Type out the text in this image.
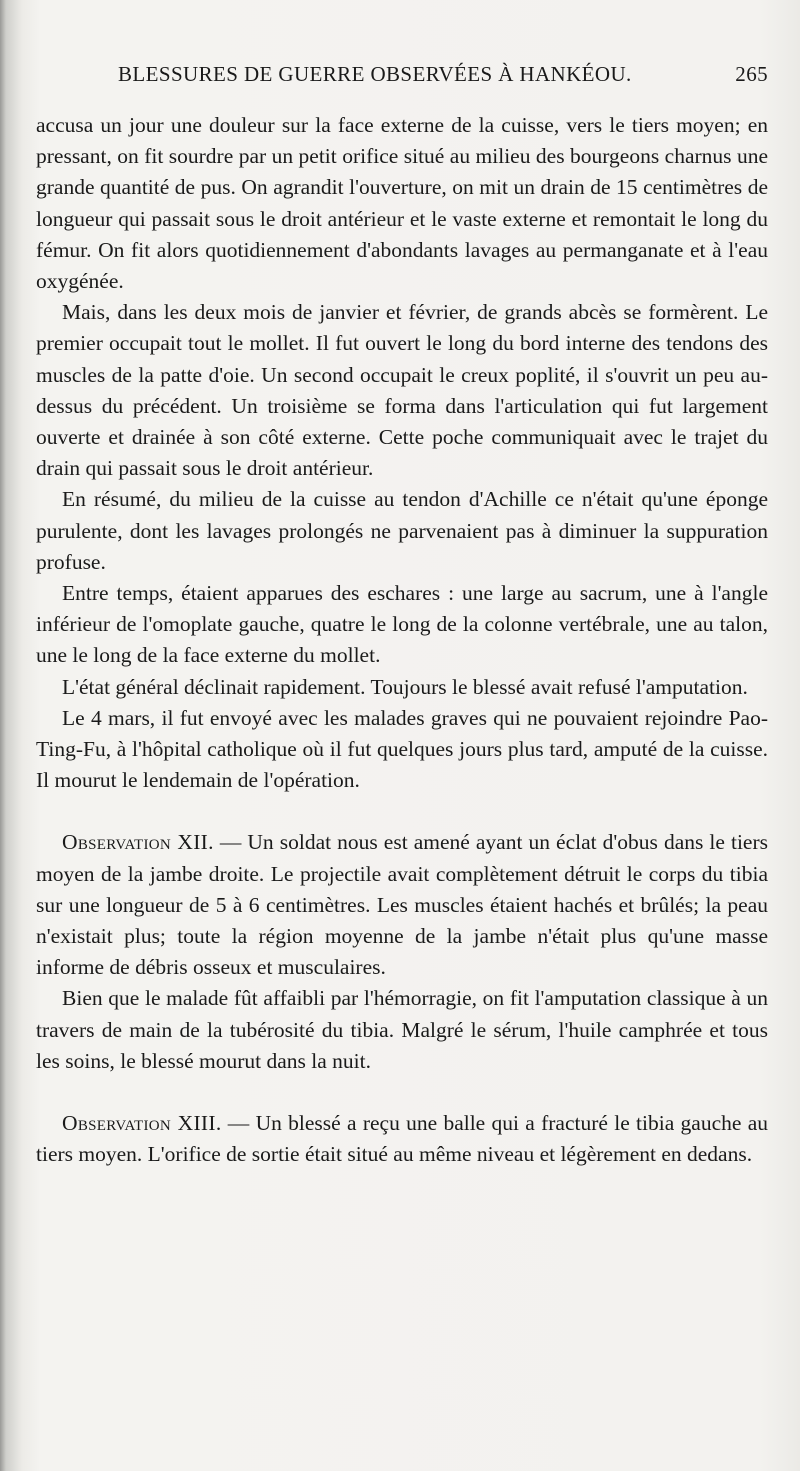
BLESSURES DE GUERRE OBSERVÉES À HANKÉOU.	265

accusa un jour une douleur sur la face externe de la cuisse, vers le tiers moyen; en pressant, on fit sourdre par un petit orifice situé au milieu des bourgeons charnus une grande quantité de pus. On agrandit l'ouverture, on mit un drain de 15 centimètres de longueur qui passait sous le droit antérieur et le vaste externe et remontait le long du fémur. On fit alors quotidiennement d'abondants lavages au permanganate et à l'eau oxygénée.

Mais, dans les deux mois de janvier et février, de grands abcès se formèrent. Le premier occupait tout le mollet. Il fut ouvert le long du bord interne des tendons des muscles de la patte d'oie. Un second occupait le creux poplité, il s'ouvrit un peu au-dessus du précédent. Un troisième se forma dans l'articulation qui fut largement ouverte et drainée à son côté externe. Cette poche communiquait avec le trajet du drain qui passait sous le droit antérieur.

En résumé, du milieu de la cuisse au tendon d'Achille ce n'était qu'une éponge purulente, dont les lavages prolongés ne parvenaient pas à diminuer la suppuration profuse.

Entre temps, étaient apparues des eschares : une large au sacrum, une à l'angle inférieur de l'omoplate gauche, quatre le long de la colonne vertébrale, une au talon, une le long de la face externe du mollet.

L'état général déclinait rapidement. Toujours le blessé avait refusé l'amputation.

Le 4 mars, il fut envoyé avec les malades graves qui ne pouvaient rejoindre Pao-Ting-Fu, à l'hôpital catholique où il fut quelques jours plus tard, amputé de la cuisse. Il mourut le lendemain de l'opération.

Observation XII. — Un soldat nous est amené ayant un éclat d'obus dans le tiers moyen de la jambe droite. Le projectile avait complètement détruit le corps du tibia sur une longueur de 5 à 6 centimètres. Les muscles étaient hachés et brûlés; la peau n'existait plus; toute la région moyenne de la jambe n'était plus qu'une masse informe de débris osseux et musculaires.

Bien que le malade fût affaibli par l'hémorragie, on fit l'amputation classique à un travers de main de la tubérosité du tibia. Malgré le sérum, l'huile camphrée et tous les soins, le blessé mourut dans la nuit.

Observation XIII. — Un blessé a reçu une balle qui a fracturé le tibia gauche au tiers moyen. L'orifice de sortie était situé au même niveau et légèrement en dedans.
